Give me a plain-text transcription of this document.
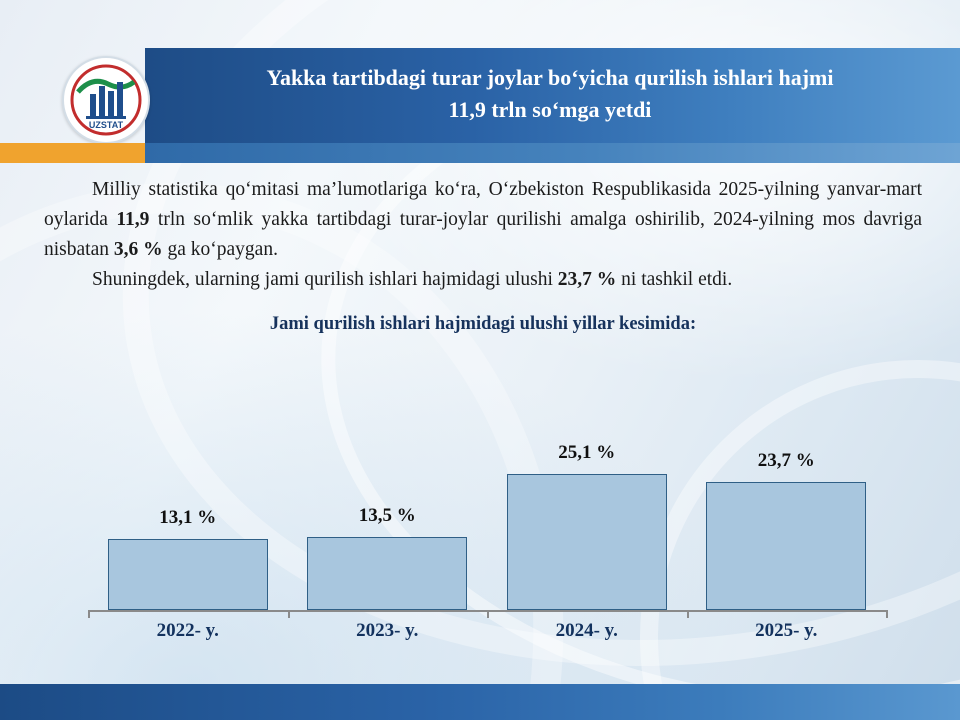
UZSTAT
Yakka tartibdagi turar joylar bo‘yicha qurilish ishlari hajmi
11,9 trln so‘mga yetdi

Milliy statistika qo‘mitasi ma’lumotlariga ko‘ra, O‘zbekiston Respublikasida 2025-yilning yanvar-mart oylarida 11,9 trln so‘mlik yakka tartibdagi turar-joylar qurilishi amalga oshirilib, 2024-yilning mos davriga nisbatan 3,6 % ga ko‘paygan.

Shuningdek, ularning jami qurilish ishlari hajmidagi ulushi 23,7 % ni tashkil etdi.

Jami qurilish ishlari hajmidagi ulushi yillar kesimida:
13,1 %	13,5 %
25,1 %	23,7 %
2022- y.	2023- y.	2024- y.	2025- y.
